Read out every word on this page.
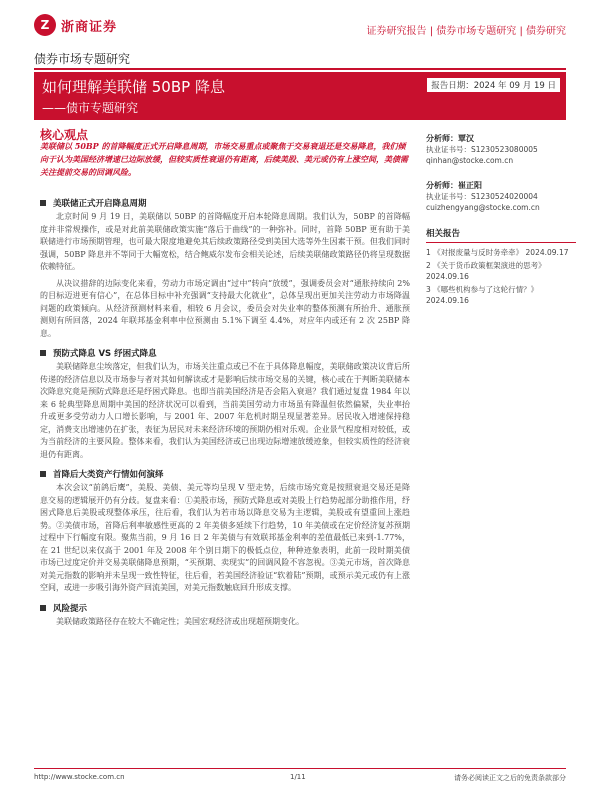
Z 浙商证券	证券研究报告 | 债券市场专题研究 | 债券研究
债券市场专题研究
如何理解美联储 50BP 降息
——债市专题研究
报告日期：2024 年 09 月 19 日
核心观点
美联储以 50BP 的首降幅度正式开启降息周期，市场交易重点或聚焦于交易衰退还是交易降息，我们倾向于认为美国经济增速已边际放缓，但较实质性衰退仍有距离，后续美股、美元或仍有上涨空间，美债需关注提前交易的回调风险。
美联储正式开启降息周期

北京时间 9 月 19 日，美联储以 50BP 的首降幅度开启本轮降息周期。我们认为，50BP 的首降幅度并非常规操作，或是对此前美联储政策实施“落后于曲线”的一种弥补。同时，首降 50BP 更有助于美联储进行市场预期管理，也可最大限度地避免其后续政策路径受到美国大选等外生因素干预。但我们同时强调，50BP 降息并不等同于大幅宽松，结合鲍威尔发布会相关论述，后续美联储政策路径仍将呈现数据依赖特征。

从决议措辞的边际变化来看，劳动力市场定调由“过中”转向“放缓”，强调委员会对“通胀持续向 2%的目标迈进更有信心”，在总体目标中补充强调“支持最大化就业”，总体呈现出更加关注劳动力市场降温问题的政策倾向。从经济预测材料来看，相较 6 月会议，委员会对失业率的整体预测有所抬升、通胀预测则有所回落，2024 年联邦基金利率中位预测由 5.1%下调至 4.4%，对应年内或还有 2 次 25BP 降息。

预防式降息 VS 纾困式降息

美联储降息尘埃落定，但我们认为，市场关注重点或已不在于具体降息幅度，美联储政策决议背后所传递的经济信息以及市场参与者对其如何解读或才是影响后续市场交易的关键，核心或在于判断美联储本次降息究竟是预防式降息还是纾困式降息。也即当前美国经济是否会陷入衰退？我们通过复盘 1984 年以来 6 轮典型降息周期中美国的经济状况可以看到，当前美国劳动力市场虽有降温但依然偏紧，失业率抬升或更多受劳动力人口增长影响，与 2001 年、2007 年危机时期呈现显著差异。居民收入增速保持稳定，消费支出增速仍在扩张，表征为居民对未来经济环境的预期仍相对乐观。企业景气程度相对较低，或为当前经济的主要风险。整体来看，我们认为美国经济或已出现边际增速放缓迹象，但较实质性的经济衰退仍有距离。

首降后大类资产行情如何演绎

本次会议“前鸽后鹰”，美股、美债、美元等均呈现 V 型走势，后续市场究竟是按照衰退交易还是降息交易的逻辑展开仍有分歧。复盘来看：①美股市场，预防式降息或对美股上行趋势起部分助推作用，纾困式降息后美股或现整体承压，往后看，我们认为若市场以降息交易为主逻辑，美股或有望重回上涨趋势。②美债市场，首降后利率敏感性更高的 2 年美债多延续下行趋势，10 年美债或在定价经济复苏预期过程中下行幅度有限。聚焦当前，9 月 16 日 2 年美债与有效联邦基金利率的差值最低已来到-1.77%，在 21 世纪以来仅高于 2001 年及 2008 年个别日期下的极低点位，种种迹象表明，此前一段时期美债市场已过度定价并交易美联储降息预期，“买预期、卖现实”的回调风险不容忽视。③美元市场，首次降息对美元指数的影响并未呈现一致性特征，往后看，若美国经济验证“软着陆”预期，或预示美元或仍有上涨空间，或进一步吸引海外资产回流美国，对美元指数触底回升形成支撑。

风险提示

美联储政策路径存在较大不确定性；美国宏观经济或出现超预期变化。

分析师：覃汉
执业证书号：S1230523080005
qinhan@stocke.com.cn
分析师：崔正阳
执业证书号：S1230524020004
cuizhengyang@stocke.com.cn
相关报告
1 《对报废量与反时务牵牵》 2024.09.17
2 《关于货币政策框架演进的思考》 2024.09.16
3 《哪些机构参与了这轮行情？》 2024.09.16
http://www.stocke.com.cn	1/11	请务必阅读正文之后的免责条款部分
